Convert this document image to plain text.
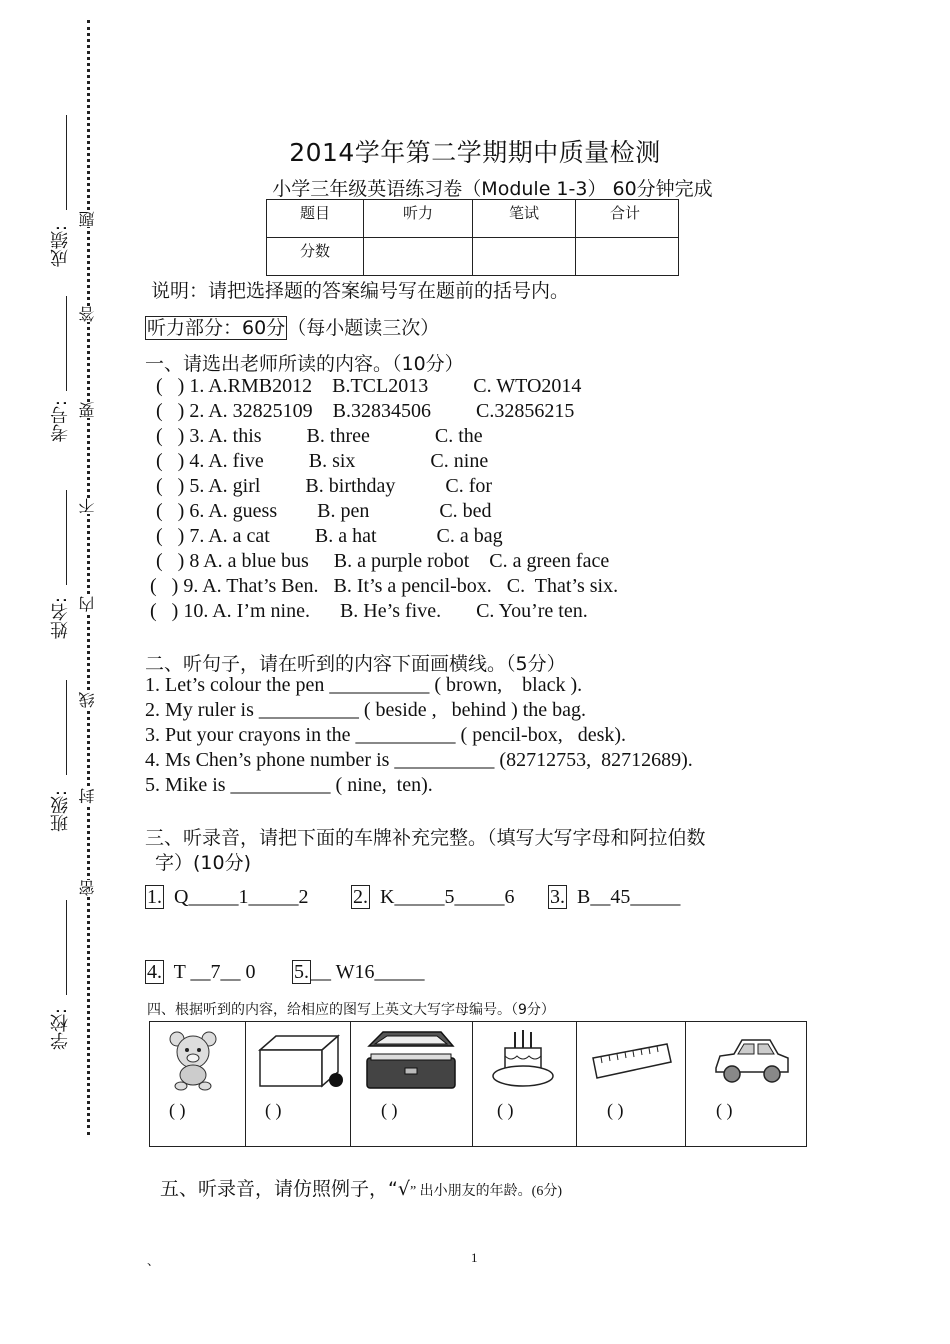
成绩:
考号:
姓名:
班级:
学校:
题
答
要
不
内
线
封
密
2014学年第二学期期中质量检测
小学三年级英语练习卷（Module 1-3） 60分钟完成
题目	听力	笔试	合计
分数			
说明：请把选择题的答案编号写在题前的括号内。
听力部分：60分 （每小题读三次）
一、请选出老师所读的内容。（10分）
(   ) 1. A.RMB2012    B.TCL2013         C. WTO2014
(   ) 2. A. 32825109    B.32834506         C.32856215
(   ) 3. A. this         B. three             C. the
(   ) 4. A. five         B. six               C. nine
(   ) 5. A. girl         B. birthday          C. for
(   ) 6. A. guess        B. pen              C. bed
(   ) 7. A. a cat         B. a hat            C. a bag
(   ) 8 A. a blue bus     B. a purple robot    C. a green face
(   ) 9. A. That’s Ben.   B. It’s a pencil-box.   C.  That’s six.
(   ) 10. A. I’m nine.      B. He’s five.       C. You’re ten.
二、听句子，请在听到的内容下面画横线。（5分）
1. Let’s colour the pen __________ ( brown,    black ).
2. My ruler is __________ ( beside ,   behind ) the bag.
3. Put your crayons in the __________ ( pencil-box,   desk).
4. Ms Chen’s phone number is __________ (82712753,  82712689).
5. Mike is __________ ( nine,  ten).
三、听录音，请把下面的车牌补充完整。（填写大写字母和阿拉伯数
字）(10分)
1. Q_____1_____2 2. K_____5_____6 3. B__45_____
4. T __7__ 0 5. __ W16_____
四、根据听到的内容，给相应的图写上英文大写字母编号。（9分）
( )	( )	( )	( )	( )	( )
五、听录音，请仿照例子，“√” 出小朋友的年龄。(6分)
、	1
